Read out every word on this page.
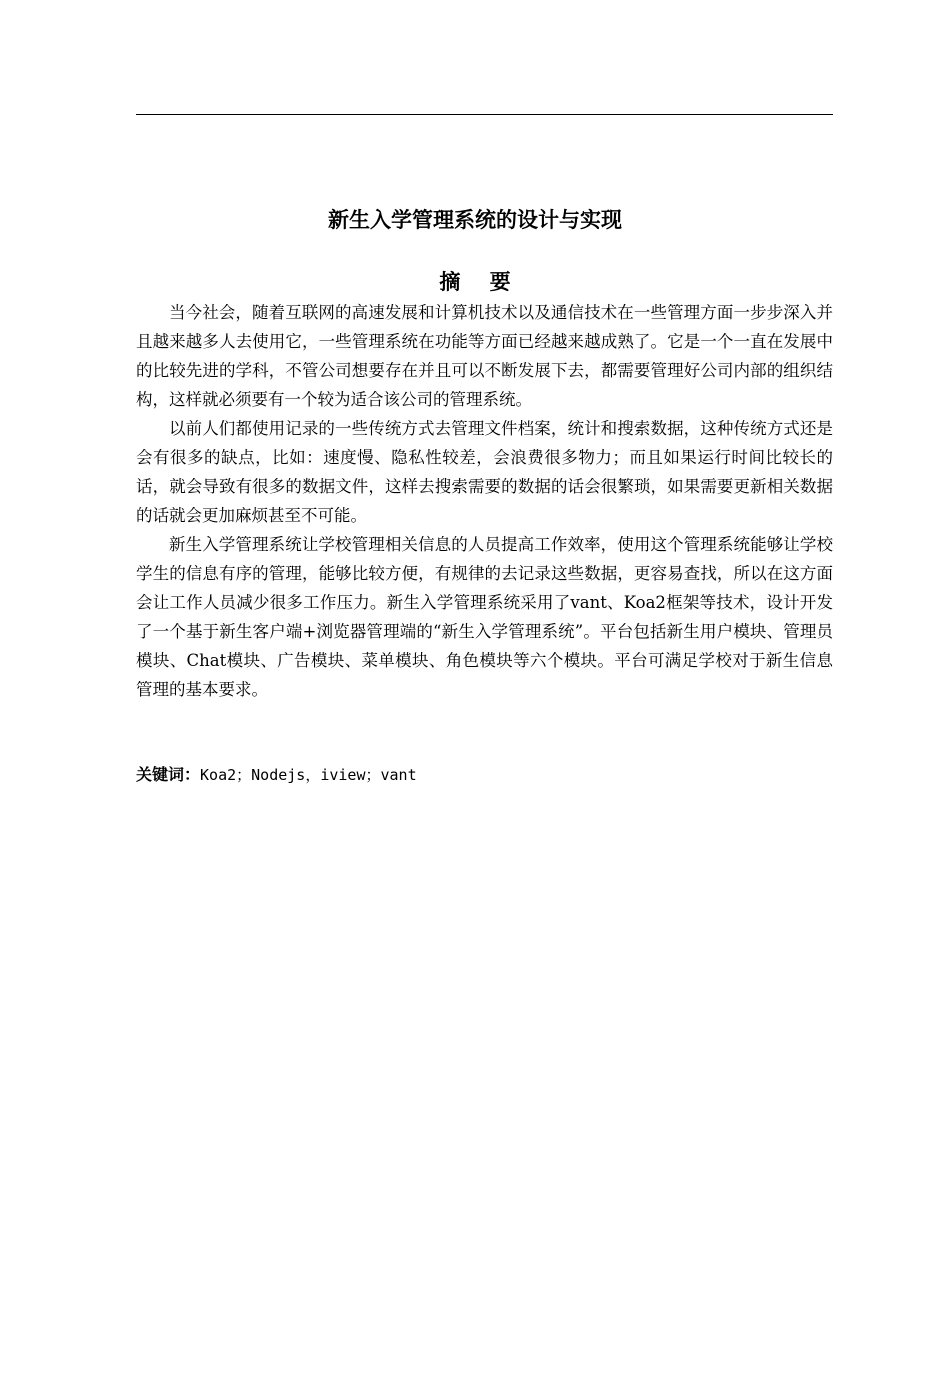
新生入学管理系统的设计与实现
摘    要

当今社会，随着互联网的高速发展和计算机技术以及通信技术在一些管理方面一步步深入并且越来越多人去使用它，一些管理系统在功能等方面已经越来越成熟了。它是一个一直在发展中的比较先进的学科，不管公司想要存在并且可以不断发展下去，都需要管理好公司内部的组织结构，这样就必须要有一个较为适合该公司的管理系统。

以前人们都使用记录的一些传统方式去管理文件档案，统计和搜索数据，这种传统方式还是会有很多的缺点，比如：速度慢、隐私性较差，会浪费很多物力；而且如果运行时间比较长的话，就会导致有很多的数据文件，这样去搜索需要的数据的话会很繁琐，如果需要更新相关数据的话就会更加麻烦甚至不可能。

新生入学管理系统让学校管理相关信息的人员提高工作效率，使用这个管理系统能够让学校学生的信息有序的管理，能够比较方便，有规律的去记录这些数据，更容易查找，所以在这方面会让工作人员减少很多工作压力。新生入学管理系统采用了vant、Koa2框架等技术，设计开发了一个基于新生客户端+浏览器管理端的“新生入学管理系统”。平台包括新生用户模块、管理员模块、Chat模块、广告模块、菜单模块、角色模块等六个模块。平台可满足学校对于新生信息管理的基本要求。

关键词：Koa2；Nodejs，iview；vant
